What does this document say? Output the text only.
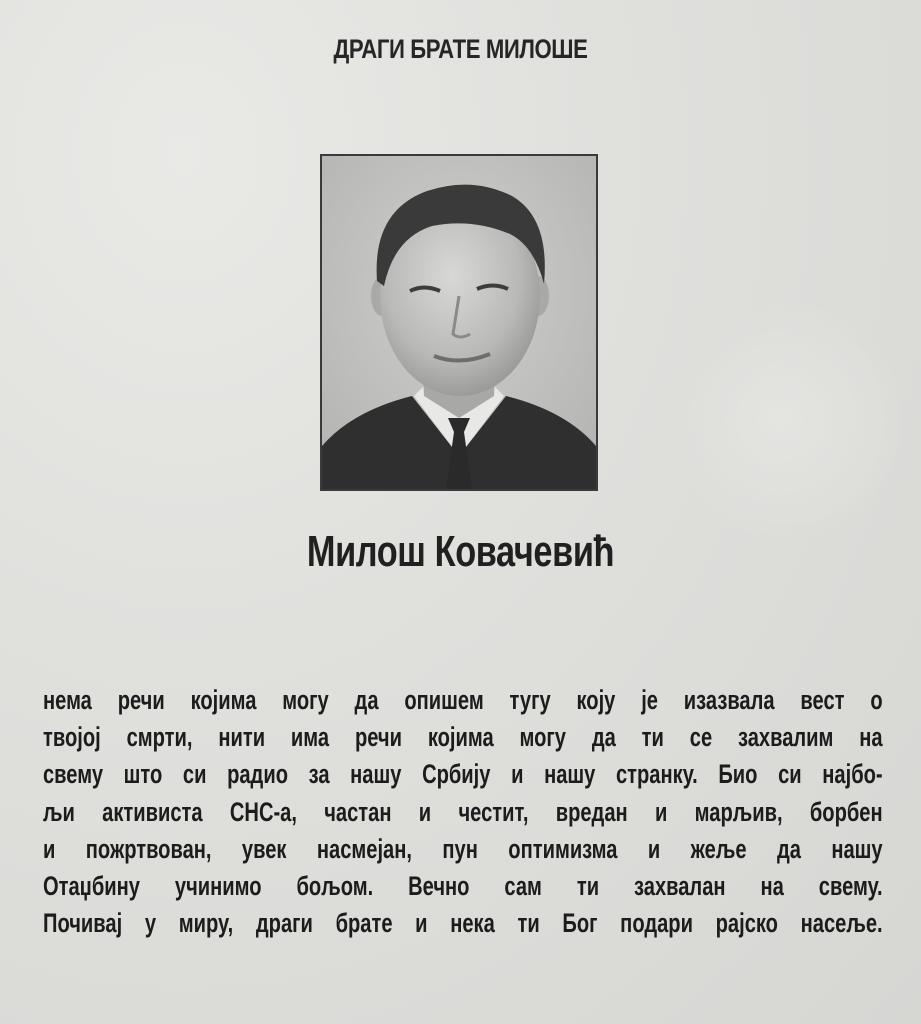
ДРАГИ БРАТЕ МИЛОШЕ
Милош Ковачевић
нема речи којима могу да опишем тугу коју је изазвала вест о
твојој смрти, нити има речи којима могу да ти се захвалим на
свему што си радио за нашу Србију и нашу странку. Био си најбо-
љи активиста СНС-а, частан и честит, вредан и марљив, борбен
и пожртвован, увек насмејан, пун оптимизма и жеље да нашу
Отаџбину учинимо бољом. Вечно сам ти захвалан на свему.
Почивај у миру, драги брате и нека ти Бог подари рајско насеље.
